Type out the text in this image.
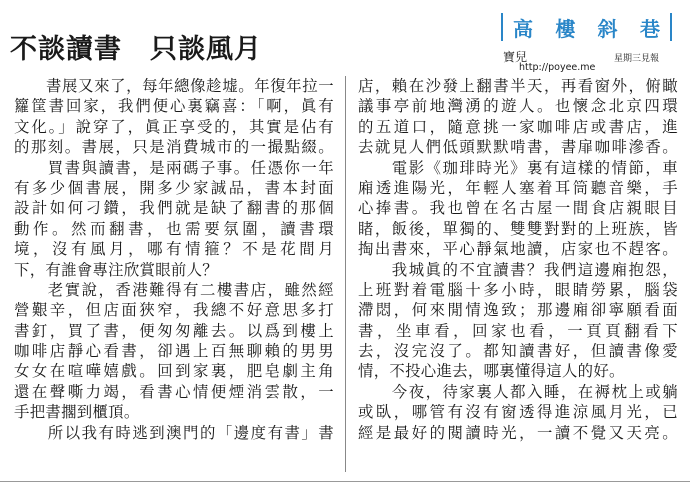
不談讀書　只談風月
高 樓 斜 巷
寶兒	星期三見報
http://poyee.me
　　書展又來了，每年總像趁墟。年復年拉一
籮筐書回家，我們便心裏竊喜：「啊，眞有
文化。」說穿了，眞正享受的，其實是佔有
的那刻。書展，只是消費城市的一撮點綴。
　　買書與讀書，是兩碼子事。任憑你一年
有多少個書展，開多少家誠品，書本封面
設計如何刁鑽，我們就是缺了翻書的那個
動作。然而翻書，也需要氛圍，讀書環
境，沒有風月，哪有情箍？不是花間月
下，有誰會專注欣賞眼前人？
　　老實說，香港難得有二樓書店，雖然經
營艱辛，但店面狹窄，我總不好意思多打
書釘，買了書，便匆匆離去。以爲到樓上
咖啡店靜心看書，卻遇上百無聊賴的男男
女女在喧嘩嬉戲。回到家裏，肥皂劇主角
還在聲嘶力竭，看書心情便煙消雲散，一
手把書擱到櫃頂。
　　所以我有時逃到澳門的「邊度有書」書
店，賴在沙發上翻書半天，再看窗外，俯瞰
議事亭前地灣湧的遊人。也懷念北京四環
的五道口，隨意挑一家咖啡店或書店，進
去就見人們低頭默默啃書，書扉咖啡滲香。
　　電影《珈琲時光》裏有這樣的情節，車
廂透進陽光，年輕人塞着耳筒聽音樂，手
心捧書。我也曾在名古屋一間食店親眼目
睹，飯後，單獨的、雙雙對對的上班族，皆
掏出書來，平心靜氣地讀，店家也不趕客。
　　我城眞的不宜讀書？我們這邊廂抱怨，
上班對着電腦十多小時，眼睛勞累，腦袋
滯悶，何來閒情逸致；那邊廂卻寧願看面
書，坐車看，回家也看，一頁頁翻看下
去，沒完沒了。都知讀書好，但讀書像愛
情，不投心進去，哪裏懂得這人的好。
　　今夜，待家裏人都入睡，在褥枕上或躺
或臥，哪管有沒有窗透得進涼風月光，已
經是最好的閱讀時光，一讀不覺又天亮。
